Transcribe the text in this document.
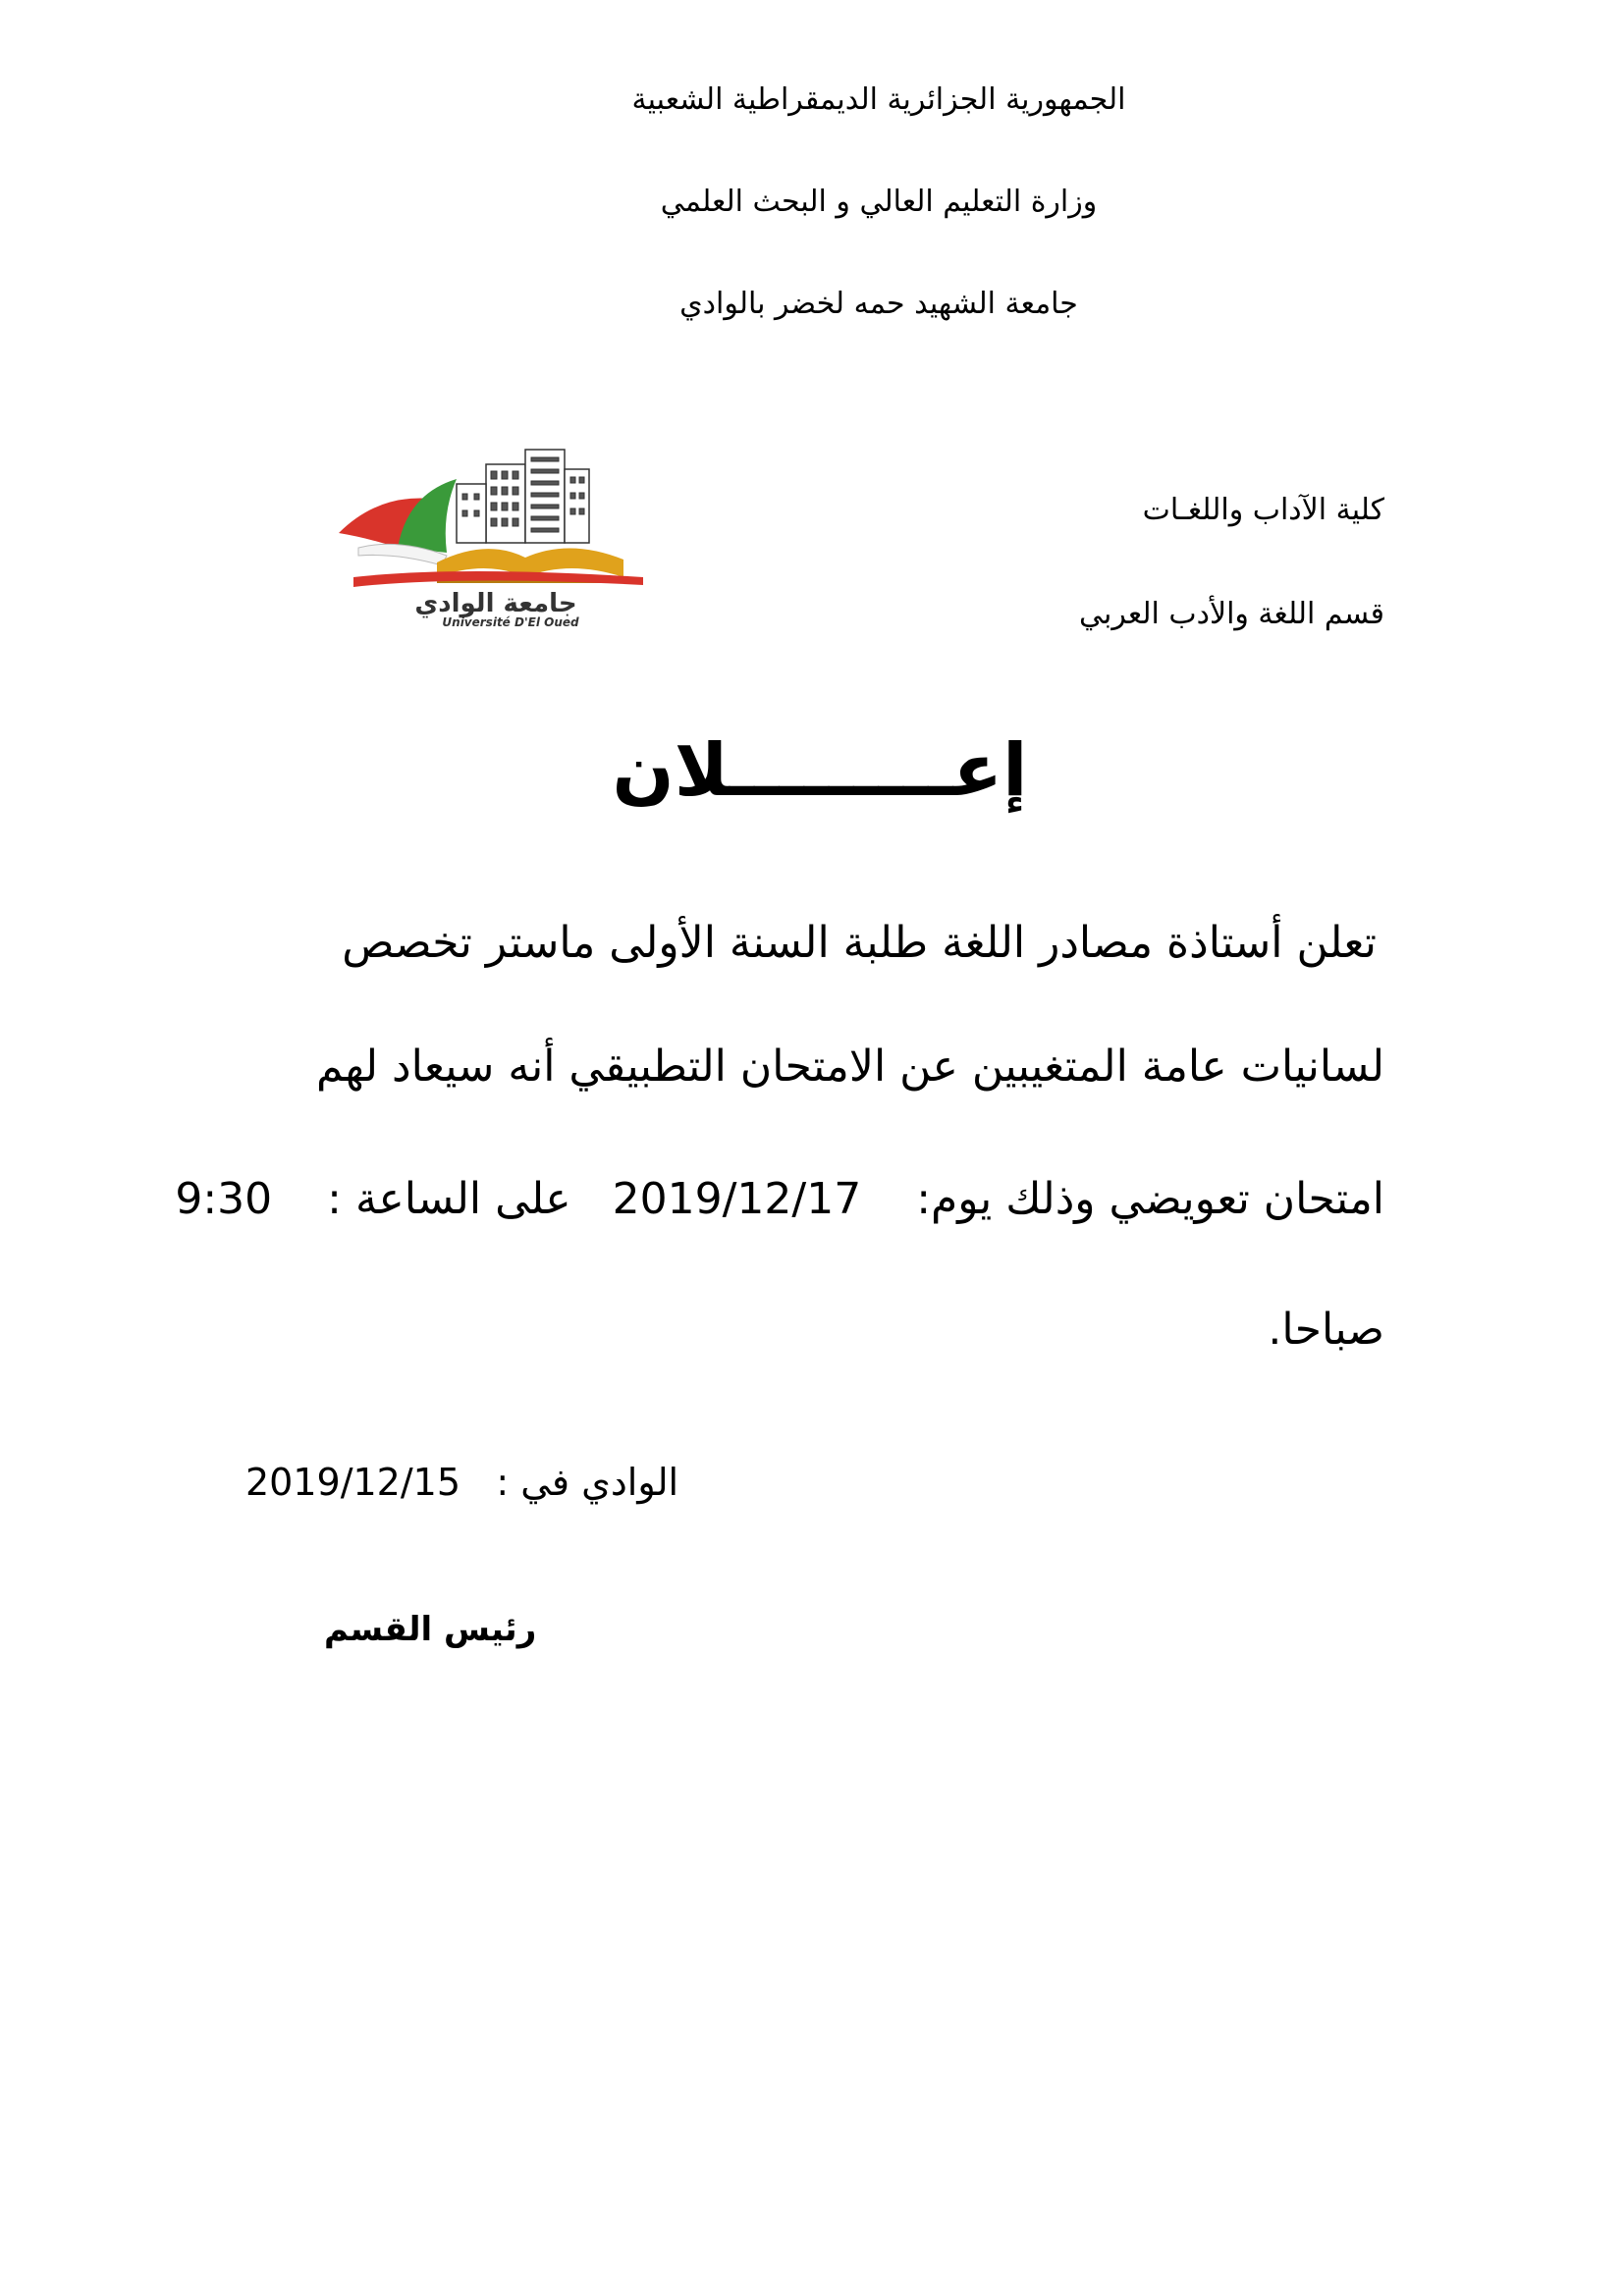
الجمهورية الجزائرية الديمقراطية الشعبية
وزارة التعليم العالي و البحث العلمي
جامعة الشهيد حمه لخضر بالوادي
كلية الآداب واللغـات
قسم اللغة والأدب العربي
جامعة الوادي
Université D'El Oued
إعـــــــــلان
تعلن أستاذة مصادر اللغة طلبة السنة الأولى ماستر تخصص
لسانيات عامة المتغيبين عن الامتحان التطبيقي أنه سيعاد لهم
امتحان تعويضي وذلك يوم:    2019/12/17   على الساعة :    9:30
صباحا.
الوادي في :   2019/12/15
رئيس القسم
